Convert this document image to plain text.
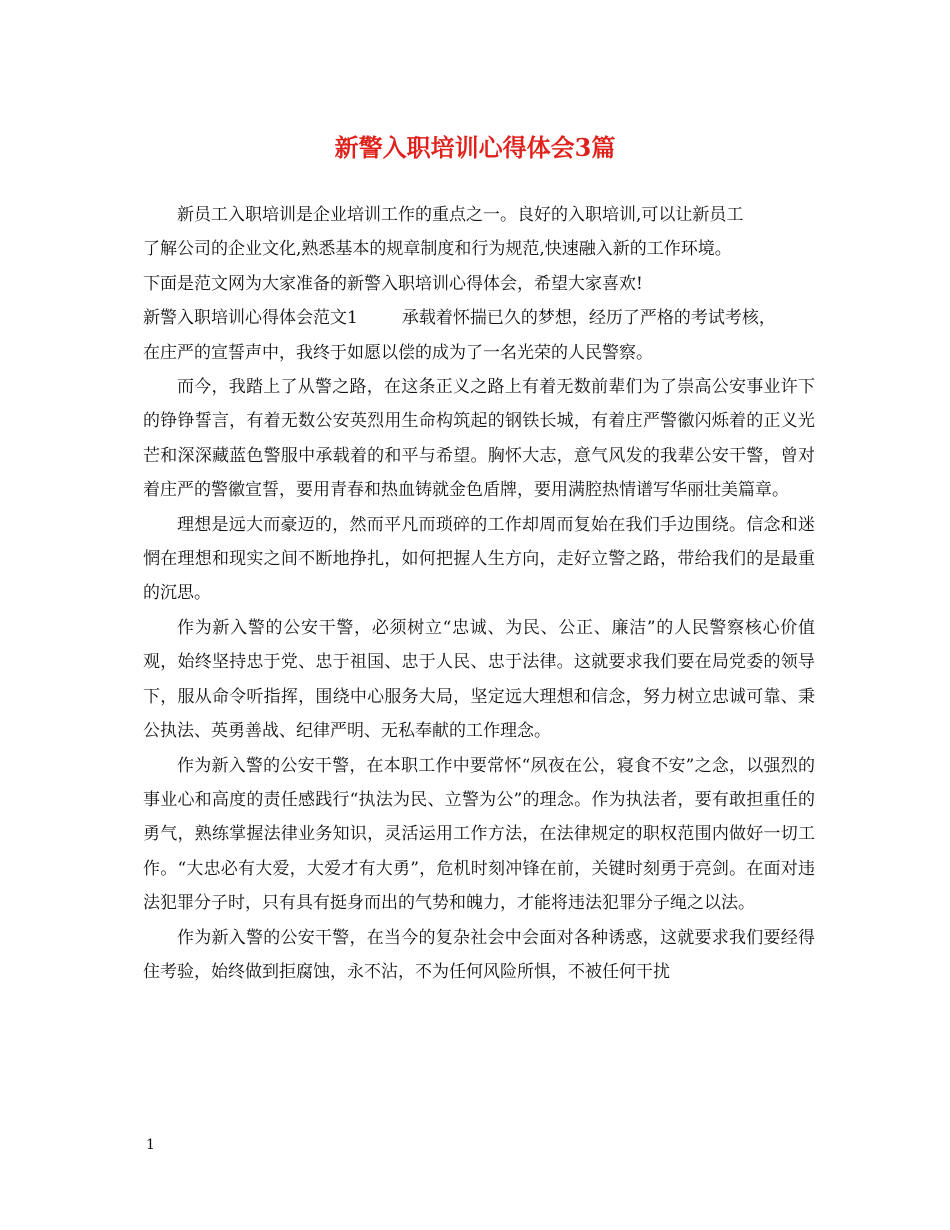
新警入职培训心得体会3篇

新员工入职培训是企业培训工作的重点之一。良好的入职培训,可以让新员工

了解公司的企业文化,熟悉基本的规章制度和行为规范,快速融入新的工作环境。
下面是范文网为大家准备的新警入职培训心得体会，希望大家喜欢!

新警入职培训心得体会范文1	承载着怀揣已久的梦想，经历了严格的考试考核，
在庄严的宣誓声中，我终于如愿以偿的成为了一名光荣的人民警察。

而今，我踏上了从警之路，在这条正义之路上有着无数前辈们为了崇高公安事业许下的铮铮誓言，有着无数公安英烈用生命构筑起的钢铁长城，有着庄严警徽闪烁着的正义光芒和深深藏蓝色警服中承载着的和平与希望。胸怀大志，意气风发的我辈公安干警，曾对着庄严的警徽宣誓，要用青春和热血铸就金色盾牌，要用满腔热情谱写华丽壮美篇章。

理想是远大而豪迈的，然而平凡而琐碎的工作却周而复始在我们手边围绕。信念和迷惘在理想和现实之间不断地挣扎，如何把握人生方向，走好立警之路，带给我们的是最重的沉思。

作为新入警的公安干警，必须树立“忠诚、为民、公正、廉洁”的人民警察核心价值观，始终坚持忠于党、忠于祖国、忠于人民、忠于法律。这就要求我们要在局党委的领导下，服从命令听指挥，围绕中心服务大局，坚定远大理想和信念，努力树立忠诚可靠、秉公执法、英勇善战、纪律严明、无私奉献的工作理念。

作为新入警的公安干警，在本职工作中要常怀“夙夜在公，寝食不安”之念，以强烈的事业心和高度的责任感践行“执法为民、立警为公”的理念。作为执法者，要有敢担重任的勇气，熟练掌握法律业务知识，灵活运用工作方法，在法律规定的职权范围内做好一切工作。“大忠必有大爱，大爱才有大勇”，危机时刻冲锋在前，关键时刻勇于亮剑。在面对违法犯罪分子时，只有具有挺身而出的气势和魄力，才能将违法犯罪分子绳之以法。

作为新入警的公安干警，在当今的复杂社会中会面对各种诱惑，这就要求我们要经得住考验，始终做到拒腐蚀，永不沾，不为任何风险所惧，不被任何干扰

1
